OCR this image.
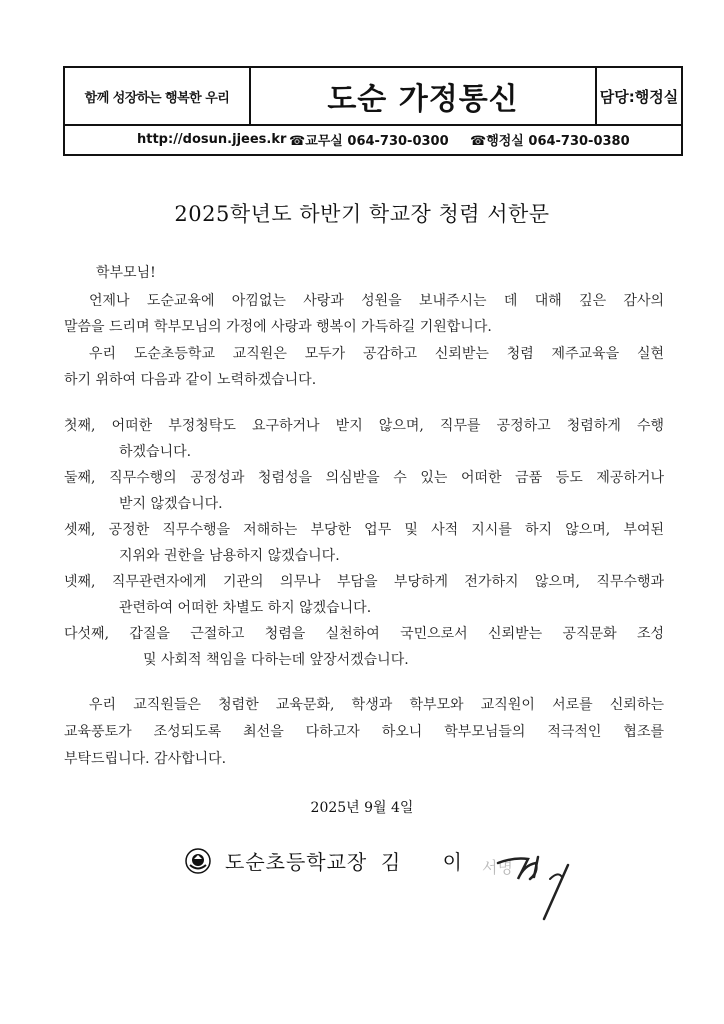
함께 성장하는 행복한 우리	도순 가정통신	담당:행정실
http://dosun.jjees.kr ☎교무실 064-730-0300 ☎행정실 064-730-0380
2025학년도 하반기 학교장 청렴 서한문
학부모님!
언제나 도순교육에 아낌없는 사랑과 성원을 보내주시는 데 대해 깊은 감사의
말씀을 드리며 학부모님의 가정에 사랑과 행복이 가득하길 기원합니다.
우리 도순초등학교 교직원은 모두가 공감하고 신뢰받는 청렴 제주교육을 실현
하기 위하여 다음과 같이 노력하겠습니다.
첫째, 어떠한 부정청탁도 요구하거나 받지 않으며, 직무를 공정하고 청렴하게 수행
하겠습니다.
둘째, 직무수행의 공정성과 청렴성을 의심받을 수 있는 어떠한 금품 등도 제공하거나
받지 않겠습니다.
셋째, 공정한 직무수행을 저해하는 부당한 업무 및 사적 지시를 하지 않으며, 부여된
지위와 권한을 남용하지 않겠습니다.
넷째, 직무관련자에게 기관의 의무나 부담을 부당하게 전가하지 않으며, 직무수행과
관련하여 어떠한 차별도 하지 않겠습니다.
다섯째, 갑질을 근절하고 청렴을 실천하여 국민으로서 신뢰받는 공직문화 조성
및 사회적 책임을 다하는데 앞장서겠습니다.
우리 교직원들은 청렴한 교육문화, 학생과 학부모와 교직원이 서로를 신뢰하는
교육풍토가 조성되도록 최선을 다하고자 하오니 학부모님들의 적극적인 협조를
부탁드립니다. 감사합니다.
2025년 9월 4일
도순초등학교장 김 이 서명
